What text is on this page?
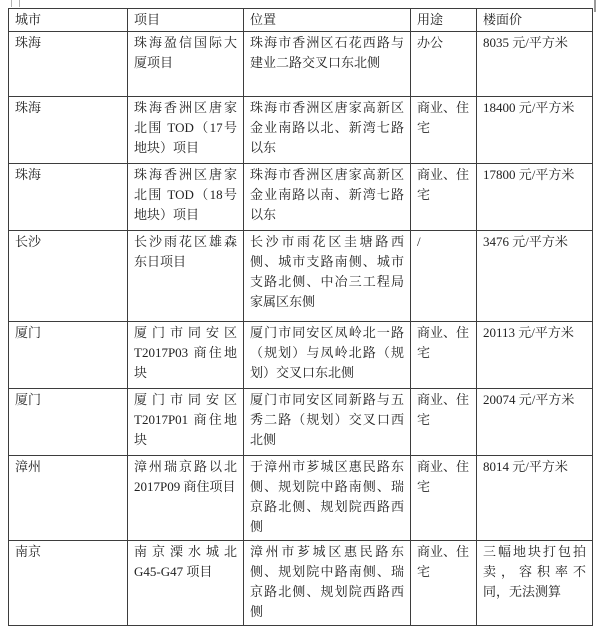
城市	项目	位置	用途	楼面价
珠海	珠海盈信国际大厦项目	珠海市香洲区石花西路与建业二路交叉口东北侧	办公	8035 元/平方米
珠海	珠海香洲区唐家北围 TOD（17号地块）项目	珠海市香洲区唐家高新区金业南路以北、新湾七路以东	商业、住宅	18400 元/平方米
珠海	珠海香洲区唐家北围 TOD（18号地块）项目	珠海市香洲区唐家高新区金业南路以南、新湾七路以东	商业、住宅	17800 元/平方米
长沙	长沙雨花区雄森东日项目	长沙市雨花区圭塘路西侧、城市支路南侧、城市支路北侧、中冶三工程局家属区东侧	/	3476 元/平方米
厦门	厦门市同安区T2017P03 商住地块	厦门市同安区凤岭北一路（规划）与凤岭北路（规划）交叉口东北侧	商业、住宅	20113 元/平方米
厦门	厦门市同安区T2017P01 商住地块	厦门市同安区同新路与五秀二路（规划）交叉口西北侧	商业、住宅	20074 元/平方米
漳州	漳州瑞京路以北 2017P09 商住项目	于漳州市芗城区惠民路东侧、规划院中路南侧、瑞京路北侧、规划院西路西侧	商业、住宅	8014 元/平方米
南京	南京溧水城北 G45-G47 项目	漳州市芗城区惠民路东侧、规划院中路南侧、瑞京路北侧、规划院西路西侧	商业、住宅	三幅地块打包拍卖，容积率不同，无法测算
